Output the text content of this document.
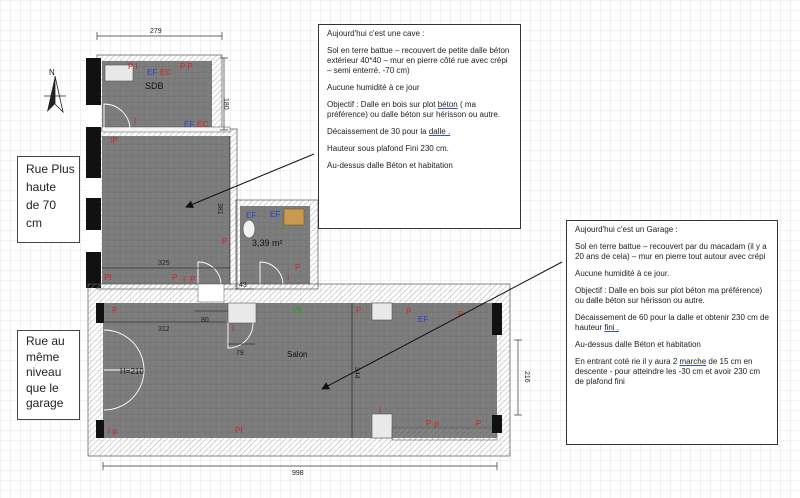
279
180
381
325
43
312
80
79
344	216
998
SDB
3,39 m²
Salon
H=210
P I	P P
EF EC
EF EC
I
IP
P
PI	P I P
EF EF
P
I
P
I
VA	P	P	P
EF
I p	PI
I
P P	P
N
Rue Plus
haute
de 70
cm
Rue au
même
niveau
que le
garage

Aujourd'hui c'est une cave :

Sol en terre battue – recouvert de petite dalle béton extérieur 40*40 – mur en pierre côté rue avec crépi – semi enterré. -70 cm)

Aucune humidité à ce jour

Objectif : Dalle en bois sur plot béton ( ma préférence) ou dalle béton sur hérisson ou autre.

Décaissement de 30 pour la dalle .

Hauteur sous plafond Fini 230 cm.

Au-dessus dalle Béton et habitation

Aujourd'hui c'est un Garage :

Sol en terre battue – recouvert par du macadam (il y a 20 ans de cela) – mur en pierre tout autour avec crépi

Aucune humidité à ce jour.

Objectif : Dalle en bois sur plot béton ma préférence) ou dalle béton sur hérisson ou autre.

Décaissement de 60 pour la dalle et obtenir 230 cm de hauteur fini .

Au-dessus dalle Béton et habitation

En entrant coté rie il y aura 2 marche de 15 cm en descente - pour atteindre les -30 cm et avoir 230 cm de plafond fini
